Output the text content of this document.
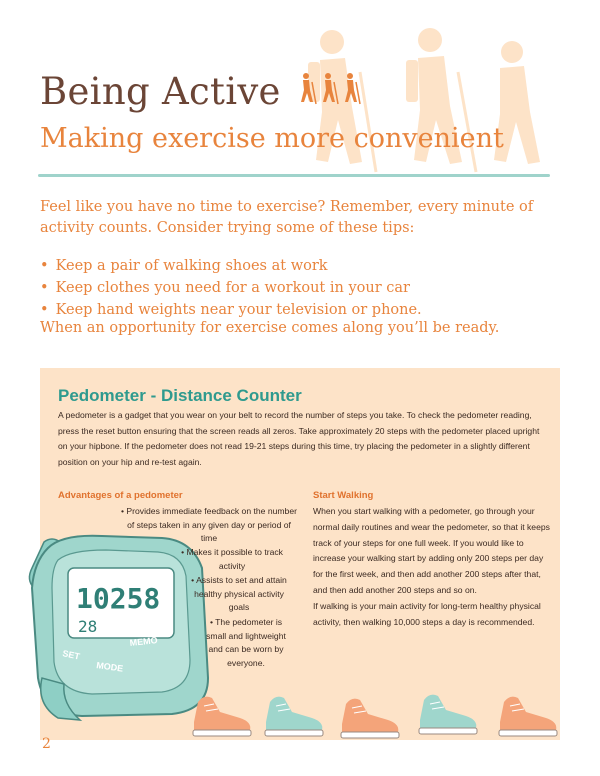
Being Active
Making exercise more convenient
Feel like you have no time to exercise? Remember, every minute of activity counts. Consider trying some of these tips:
• Keep a pair of walking shoes at work
• Keep clothes you need for a workout in your car
• Keep hand weights near your television or phone.
When an opportunity for exercise comes along you’ll be ready.
Pedometer - Distance Counter
A pedometer is a gadget that you wear on your belt to record the number of steps you take. To check the pedometer reading, press the reset button ensuring that the screen reads all zeros. Take approximately 20 steps with the pedometer placed upright on your hipbone. If the pedometer does not read 19-21 steps during this time, try placing the pedometer in a slightly different position on your hip and re-test again.
Advantages of a pedometer
10258
28
SET
MODE
MEMO
• Provides immediate feedback on the number of steps taken in any given day or period of time
• Makes it possible to track activity
• Assists to set and attain healthy physical activity goals
• The pedometer is small and lightweight and can be worn by everyone.
Start Walking

When you start walking with a pedometer, go through your normal daily routines and wear the pedometer, so that it keeps track of your steps for one full week. If you would like to increase your walking start by adding only 200 steps per day for the first week, and then add another 200 steps after that, and then add another 200 steps and so on.

If walking is your main activity for long-term healthy physical activity, then walking 10,000 steps a day is recommended.

2
